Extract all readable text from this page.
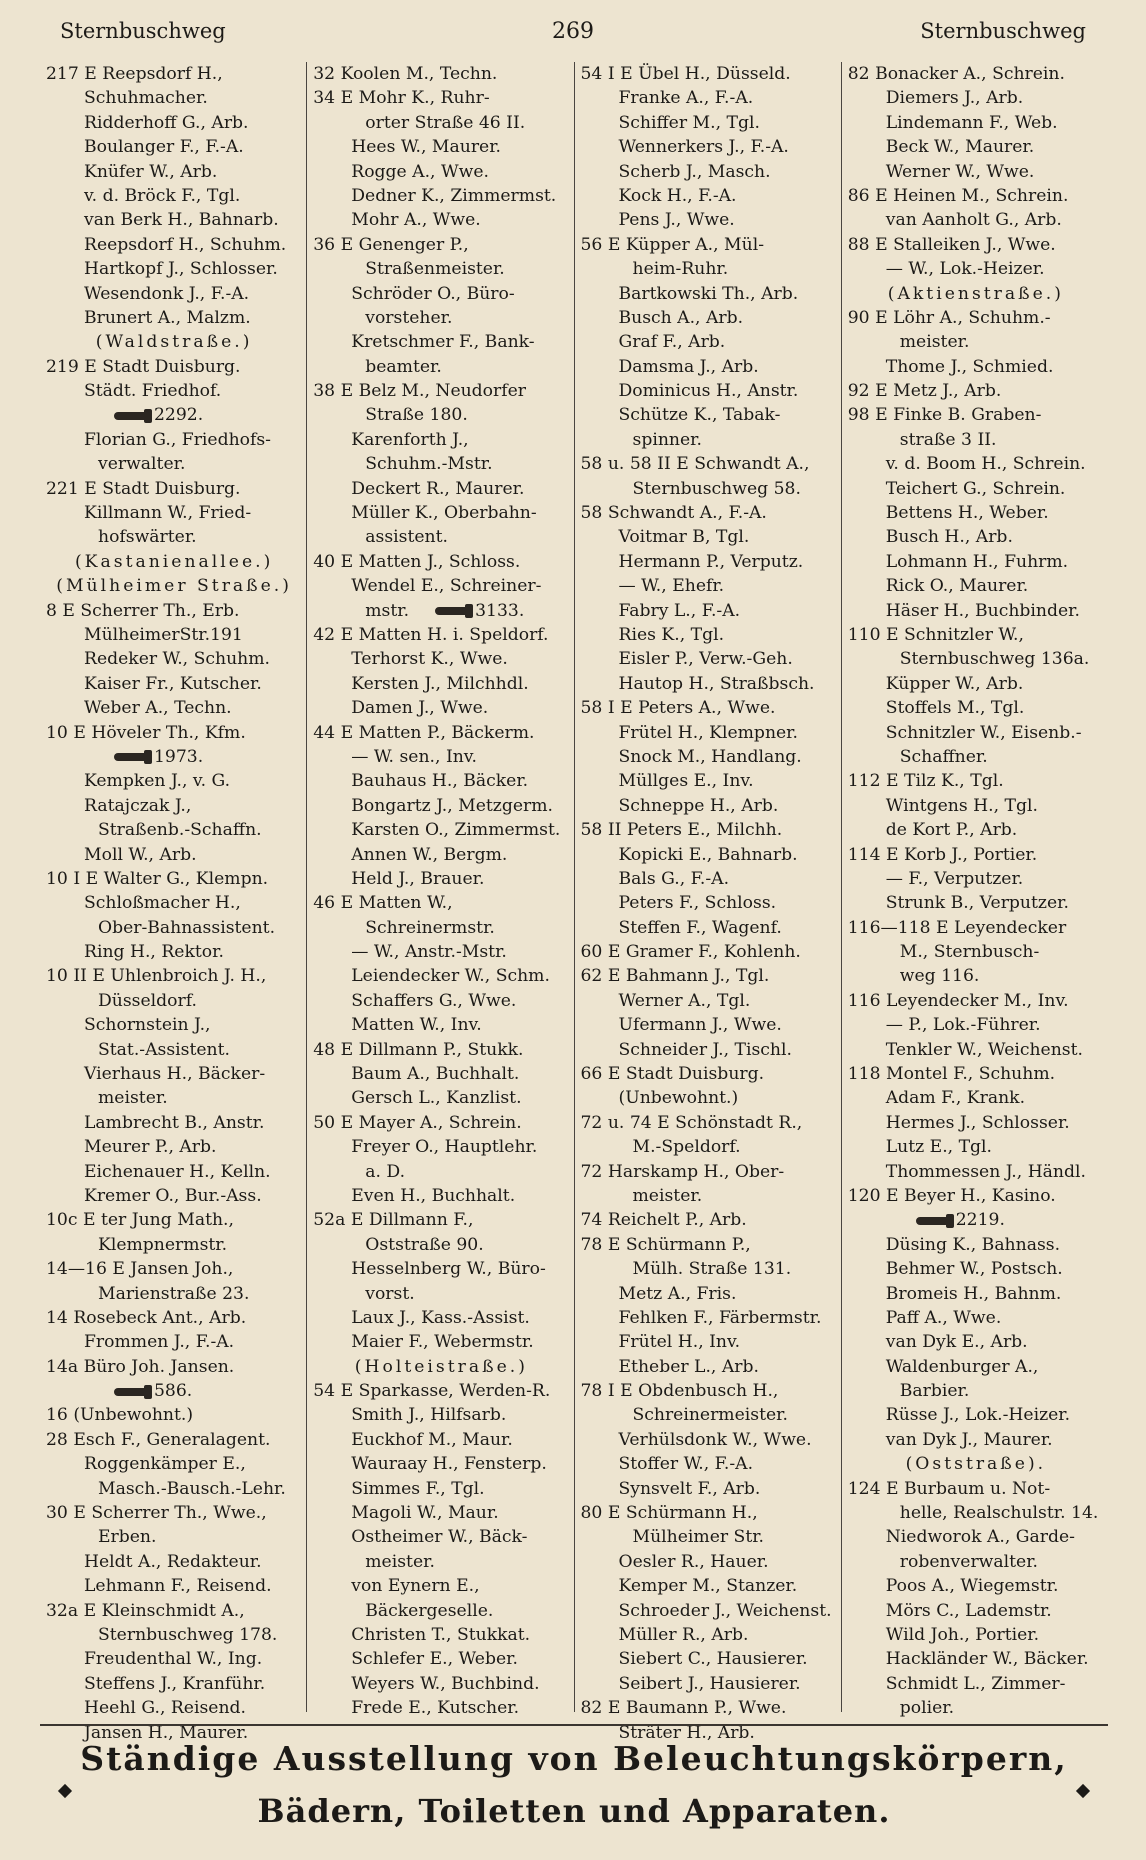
Sternbuschweg	269	Sternbuschweg
217 E Reepsdorf H.,
Schuhmacher.
Ridderhoff G., Arb.
Boulanger F., F.-A.
Knüfer W., Arb.
v. d. Bröck F., Tgl.
van Berk H., Bahnarb.
Reepsdorf H., Schuhm.
Hartkopf J., Schlosser.
Wesendonk J., F.-A.
Brunert A., Malzm.
(Waldstraße.)
219 E Stadt Duisburg.
Städt. Friedhof.
2292.
Florian G., Friedhofs-
verwalter.
221 E Stadt Duisburg.
Killmann W., Fried-
hofswärter.
(Kastanienallee.)
(Mülheimer Straße.)
8 E Scherrer Th., Erb.
MülheimerStr.191
Redeker W., Schuhm.
Kaiser Fr., Kutscher.
Weber A., Techn.
10 E Höveler Th., Kfm.
1973.
Kempken J., v. G.
Ratajczak J.,
Straßenb.-Schaffn.
Moll W., Arb.
10 I E Walter G., Klempn.
Schloßmacher H.,
Ober-Bahnassistent.
Ring H., Rektor.
10 II E Uhlenbroich J. H.,
Düsseldorf.
Schornstein J.,
Stat.-Assistent.
Vierhaus H., Bäcker-
meister.
Lambrecht B., Anstr.
Meurer P., Arb.
Eichenauer H., Kelln.
Kremer O., Bur.-Ass.
10c E ter Jung Math.,
Klempnermstr.
14—16 E Jansen Joh.,
Marienstraße 23.
14 Rosebeck Ant., Arb.
Frommen J., F.-A.
14a Büro Joh. Jansen.
586.
16 (Unbewohnt.)
28 Esch F., Generalagent.
Roggenkämper E.,
Masch.-Bausch.-Lehr.
30 E Scherrer Th., Wwe.,
Erben.
Heldt A., Redakteur.
Lehmann F., Reisend.
32a E Kleinschmidt A.,
Sternbuschweg 178.
Freudenthal W., Ing.
Steffens J., Kranführ.
Heehl G., Reisend.
Jansen H., Maurer.
32 Koolen M., Techn.
34 E Mohr K., Ruhr-
orter Straße 46 II.
Hees W., Maurer.
Rogge A., Wwe.
Dedner K., Zimmermst.
Mohr A., Wwe.
36 E Genenger P.,
Straßenmeister.
Schröder O., Büro-
vorsteher.
Kretschmer F., Bank-
beamter.
38 E Belz M., Neudorfer
Straße 180.
Karenforth J.,
Schuhm.-Mstr.
Deckert R., Maurer.
Müller K., Oberbahn-
assistent.
40 E Matten J., Schloss.
Wendel E., Schreiner-
mstr.	3133.
42 E Matten H. i. Speldorf.
Terhorst K., Wwe.
Kersten J., Milchhdl.
Damen J., Wwe.
44 E Matten P., Bäckerm.
— W. sen., Inv.
Bauhaus H., Bäcker.
Bongartz J., Metzgerm.
Karsten O., Zimmermst.
Annen W., Bergm.
Held J., Brauer.
46 E Matten W.,
Schreinermstr.
— W., Anstr.-Mstr.
Leiendecker W., Schm.
Schaffers G., Wwe.
Matten W., Inv.
48 E Dillmann P., Stukk.
Baum A., Buchhalt.
Gersch L., Kanzlist.
50 E Mayer A., Schrein.
Freyer O., Hauptlehr.
a. D.
Even H., Buchhalt.
52a E Dillmann F.,
Oststraße 90.
Hesselnberg W., Büro-
vorst.
Laux J., Kass.-Assist.
Maier F., Webermstr.
(Holteistraße.)
54 E Sparkasse, Werden-R.
Smith J., Hilfsarb.
Euckhof M., Maur.
Wauraay H., Fensterp.
Simmes F., Tgl.
Magoli W., Maur.
Ostheimer W., Bäck-
meister.
von Eynern E.,
Bäckergeselle.
Christen T., Stukkat.
Schlefer E., Weber.
Weyers W., Buchbind.
Frede E., Kutscher.
54 I E Übel H., Düsseld.
Franke A., F.-A.
Schiffer M., Tgl.
Wennerkers J., F.-A.
Scherb J., Masch.
Kock H., F.-A.
Pens J., Wwe.
56 E Küpper A., Mül-
heim-Ruhr.
Bartkowski Th., Arb.
Busch A., Arb.
Graf F., Arb.
Damsma J., Arb.
Dominicus H., Anstr.
Schütze K., Tabak-
spinner.
58 u. 58 II E Schwandt A.,
Sternbuschweg 58.
58 Schwandt A., F.-A.
Voitmar B, Tgl.
Hermann P., Verputz.
— W., Ehefr.
Fabry L., F.-A.
Ries K., Tgl.
Eisler P., Verw.-Geh.
Hautop H., Straßbsch.
58 I E Peters A., Wwe.
Frütel H., Klempner.
Snock M., Handlang.
Müllges E., Inv.
Schneppe H., Arb.
58 II Peters E., Milchh.
Kopicki E., Bahnarb.
Bals G., F.-A.
Peters F., Schloss.
Steffen F., Wagenf.
60 E Gramer F., Kohlenh.
62 E Bahmann J., Tgl.
Werner A., Tgl.
Ufermann J., Wwe.
Schneider J., Tischl.
66 E Stadt Duisburg.
(Unbewohnt.)
72 u. 74 E Schönstadt R.,
M.-Speldorf.
72 Harskamp H., Ober-
meister.
74 Reichelt P., Arb.
78 E Schürmann P.,
Mülh. Straße 131.
Metz A., Fris.
Fehlken F., Färbermstr.
Frütel H., Inv.
Etheber L., Arb.
78 I E Obdenbusch H.,
Schreinermeister.
Verhülsdonk W., Wwe.
Stoffer W., F.-A.
Synsvelt F., Arb.
80 E Schürmann H.,
Mülheimer Str.
Oesler R., Hauer.
Kemper M., Stanzer.
Schroeder J., Weichenst.
Müller R., Arb.
Siebert C., Hausierer.
Seibert J., Hausierer.
82 E Baumann P., Wwe.
Sträter H., Arb.
82 Bonacker A., Schrein.
Diemers J., Arb.
Lindemann F., Web.
Beck W., Maurer.
Werner W., Wwe.
86 E Heinen M., Schrein.
van Aanholt G., Arb.
88 E Stalleiken J., Wwe.
— W., Lok.-Heizer.
(Aktienstraße.)
90 E Löhr A., Schuhm.-
meister.
Thome J., Schmied.
92 E Metz J., Arb.
98 E Finke B. Graben-
straße 3 II.
v. d. Boom H., Schrein.
Teichert G., Schrein.
Bettens H., Weber.
Busch H., Arb.
Lohmann H., Fuhrm.
Rick O., Maurer.
Häser H., Buchbinder.
110 E Schnitzler W.,
Sternbuschweg 136a.
Küpper W., Arb.
Stoffels M., Tgl.
Schnitzler W., Eisenb.-
Schaffner.
112 E Tilz K., Tgl.
Wintgens H., Tgl.
de Kort P., Arb.
114 E Korb J., Portier.
— F., Verputzer.
Strunk B., Verputzer.
116—118 E Leyendecker
M., Sternbusch-
weg 116.
116 Leyendecker M., Inv.
— P., Lok.-Führer.
Tenkler W., Weichenst.
118 Montel F., Schuhm.
Adam F., Krank.
Hermes J., Schlosser.
Lutz E., Tgl.
Thommessen J., Händl.
120 E Beyer H., Kasino.
2219.
Düsing K., Bahnass.
Behmer W., Postsch.
Bromeis H., Bahnm.
Paff A., Wwe.
van Dyk E., Arb.
Waldenburger A.,
Barbier.
Rüsse J., Lok.-Heizer.
van Dyk J., Maurer.
(Oststraße).
124 E Burbaum u. Not-
helle, Realschulstr. 14.
Niedworok A., Garde-
robenverwalter.
Poos A., Wiegemstr.
Mörs C., Lademstr.
Wild Joh., Portier.
Hackländer W., Bäcker.
Schmidt L., Zimmer-
polier.
Ständige Ausstellung von Beleuchtungskörpern,
Bädern, Toiletten und Apparaten.
